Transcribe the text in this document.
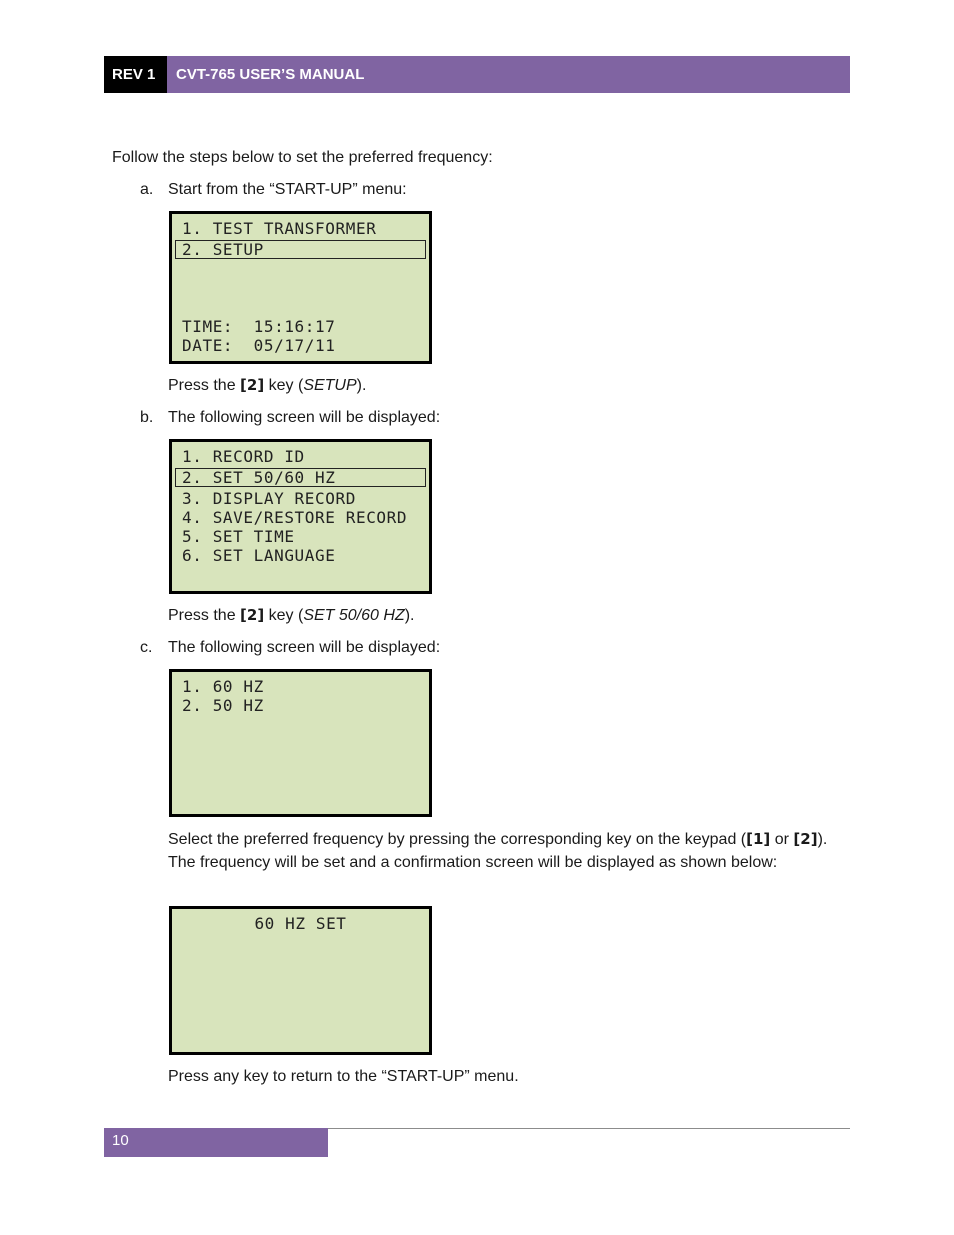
REV 1	CVT-765 USER’S MANUAL
Follow the steps below to set the preferred frequency:
a. Start from the “START-UP” menu:
1. TEST TRANSFORMER
2. SETUP
TIME:  15:16:17
DATE:  05/17/11
Press the [2] key (SETUP).
b. The following screen will be displayed:
1. RECORD ID
2. SET 50/60 HZ
3. DISPLAY RECORD
4. SAVE/RESTORE RECORD
5. SET TIME
6. SET LANGUAGE
Press the [2] key (SET 50/60 HZ).
c. The following screen will be displayed:
1. 60 HZ
2. 50 HZ
Select the preferred frequency by pressing the corresponding key on the keypad ([1] or [2]). The frequency will be set and a confirmation screen will be displayed as shown below:
60 HZ SET
Press any key to return to the “START-UP” menu.
10
